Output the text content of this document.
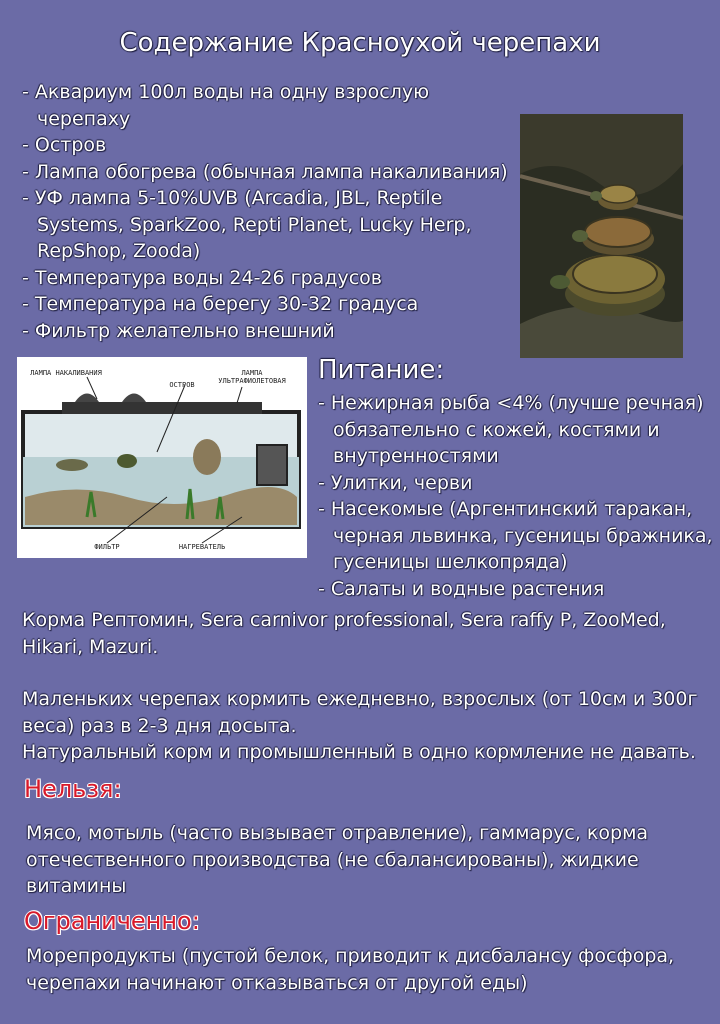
Содержание Красноухой черепахи
- Аквариум 100л воды на одну взрослую черепаху
- Остров
- Лампа обогрева (обычная лампа накаливания)
- УФ лампа 5-10%UVB (Arcadia, JBL, Reptile Systems, SparkZoo, Repti Planet, Lucky Herp, RepShop, Zooda)
- Температура воды 24-26 градусов
- Температура на берегу 30-32 градуса
- Фильтр желательно внешний
ЛАМПА НАКАЛИВАНИЯ
ОСТРОВ
ЛАМПА УЛЬТРАФИОЛЕТОВАЯ
ФИЛЬТР	НАГРЕВАТЕЛЬ
Питание:
- Нежирная рыба <4% (лучше речная) обязательно с кожей, костями и внутренностями
- Улитки, черви
- Насекомые (Аргентинский таракан, черная львинка, гусеницы бражника, гусеницы шелкопряда)
- Салаты и водные растения
Корма Рептомин, Sera carnivor professional, Sera raffy P, ZooMed, Hikari, Mazuri.
Маленьких черепах кормить ежедневно, взрослых (от 10см и 300г веса) раз в 2-3 дня досыта.
Натуральный корм и промышленный в одно кормление не давать.
Нельзя:
Мясо, мотыль (часто вызывает отравление), гаммарус, корма отечественного производства (не сбалансированы), жидкие витамины
Ограниченно:
Морепродукты (пустой белок, приводит к дисбалансу фосфора, черепахи начинают отказываться от другой еды)
